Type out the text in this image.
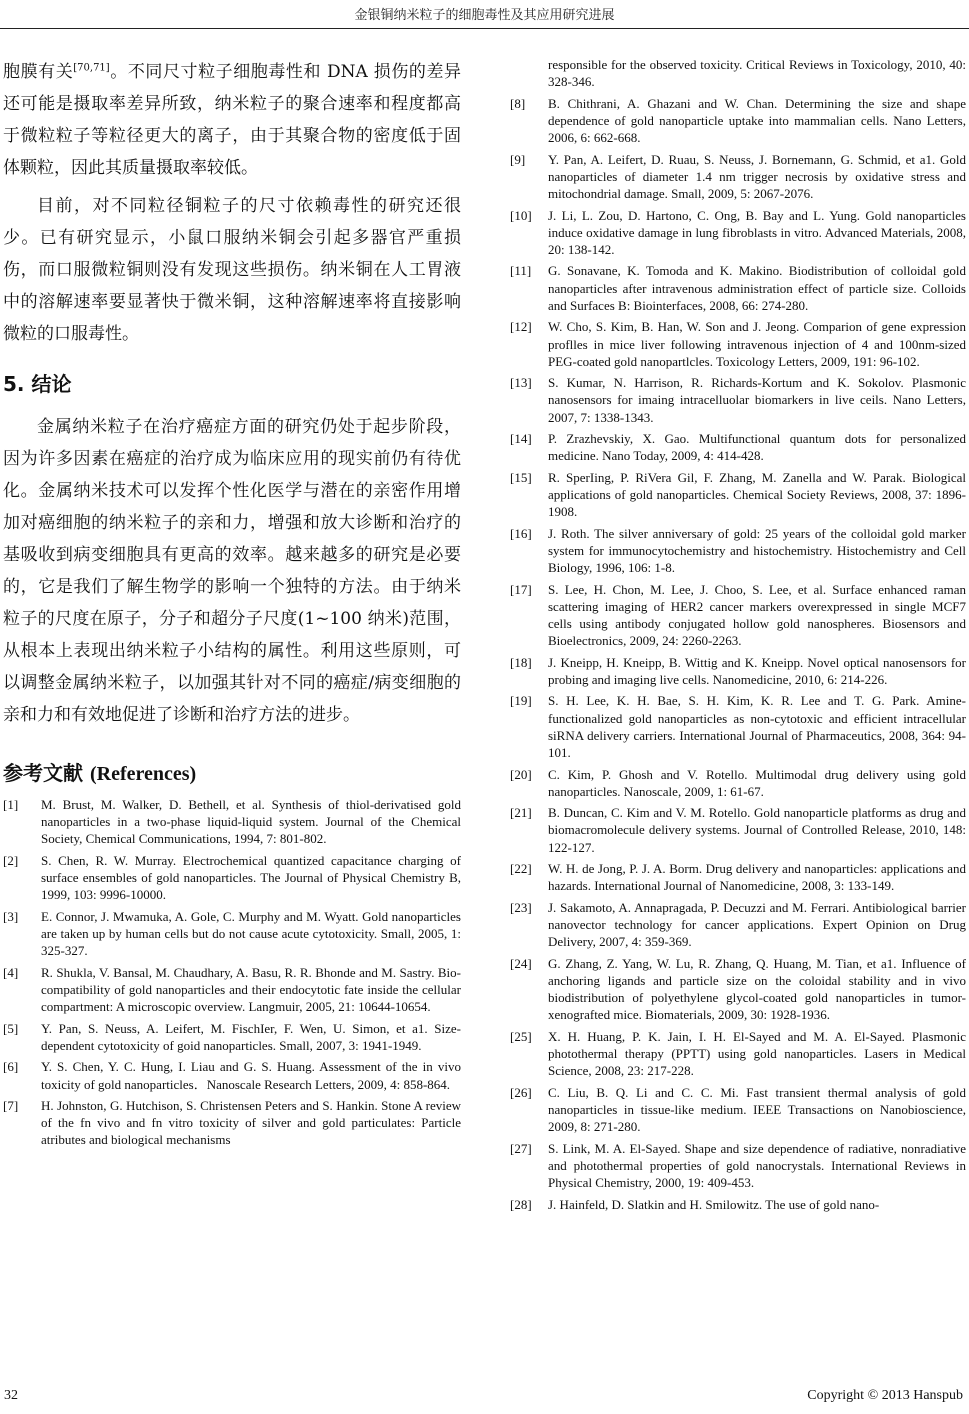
金银铜纳米粒子的细胞毒性及其应用研究进展

胞膜有关[70,71]。不同尺寸粒子细胞毒性和 DNA 损伤的差异还可能是摄取率差异所致，纳米粒子的聚合速率和程度都高于微粒粒子等粒径更大的离子，由于其聚合物的密度低于固体颗粒，因此其质量摄取率较低。

目前，对不同粒径铜粒子的尺寸依赖毒性的研究还很少。已有研究显示，小鼠口服纳米铜会引起多器官严重损伤，而口服微粒铜则没有发现这些损伤。纳米铜在人工胃液中的溶解速率要显著快于微米铜，这种溶解速率将直接影响微粒的口服毒性。

5. 结论

金属纳米粒子在治疗癌症方面的研究仍处于起步阶段，因为许多因素在癌症的治疗成为临床应用的现实前仍有待优化。金属纳米技术可以发挥个性化医学与潜在的亲密作用增加对癌细胞的纳米粒子的亲和力，增强和放大诊断和治疗的基吸收到病变细胞具有更高的效率。越来越多的研究是必要的，它是我们了解生物学的影响一个独特的方法。由于纳米粒子的尺度在原子，分子和超分子尺度(1~100 纳米)范围，从根本上表现出纳米粒子小结构的属性。利用这些原则，可以调整金属纳米粒子，以加强其针对不同的癌症/病变细胞的亲和力和有效地促进了诊断和治疗方法的进步。

参考文献 (References)
[1]	M. Brust, M. Walker, D. Bethell, et al. Synthesis of thiol-derivatised gold nanoparticles in a two-phase liquid-liquid system. Journal of the Chemical Society, Chemical Communications, 1994, 7: 801-802.
[2]	S. Chen, R. W. Murray. Electrochemical quantized capacitance charging of surface ensembles of gold nanoparticles. The Journal of Physical Chemistry B, 1999, 103: 9996-10000.
[3]	E. Connor, J. Mwamuka, A. Gole, C. Murphy and M. Wyatt. Gold nanoparticles are taken up by human cells but do not cause acute cytotoxicity. Small, 2005, 1: 325-327.
[4]	R. Shukla, V. Bansal, M. Chaudhary, A. Basu, R. R. Bhonde and M. Sastry. Bio-compatibility of gold nanoparticles and their endocytotic fate inside the cellular compartment: A microscopic overview. Langmuir, 2005, 21: 10644-10654.
[5]	Y. Pan, S. Neuss, A. Leifert, M. FischIer, F. Wen, U. Simon, et a1. Size-dependent cytotoxicity of goid nanoparticles. Small, 2007, 3: 1941-1949.
[6]	Y. S. Chen, Y. C. Hung, I. Liau and G. S. Huang. Assessment of the in vivo toxicity of gold nanoparticles．Nanoscale Research Letters, 2009, 4: 858-864.
[7]	H. Johnston, G. Hutchison, S. Christensen Peters and S. Hankin. Stone A review of the fn vivo and fn vitro toxicity of silver and gold particulates: Particle atributes and biological mechanisms
responsible for the observed toxicity. Critical Reviews in Toxicology, 2010, 40: 328-346.
[8]	B. Chithrani, A. Ghazani and W. Chan. Determining the size and shape dependence of gold nanoparticle uptake into mammalian cells. Nano Letters, 2006, 6: 662-668.
[9]	Y. Pan, A. Leifert, D. Ruau, S. Neuss, J. Bornemann, G. Schmid, et a1. Gold nanoparticles of diameter 1.4 nm trigger necrosis by oxidative stress and mitochondrial damage. Small, 2009, 5: 2067-2076.
[10]	J. Li, L. Zou, D. Hartono, C. Ong, B. Bay and L. Yung. Gold nanoparticles induce oxidative damage in lung fibroblasts in vitro. Advanced Materials, 2008, 20: 138-142.
[11]	G. Sonavane, K. Tomoda and K. Makino. Biodistribution of colloidal gold nanoparticles after intravenous administration effect of particle size. Colloids and Surfaces B: Biointerfaces, 2008, 66: 274-280.
[12]	W. Cho, S. Kim, B. Han, W. Son and J. Jeong. Comparion of gene expression proflles in mice liver following intravenous injection of 4 and 100nm-sized PEG-coated gold nanopartlcles. Toxicology Letters, 2009, 191: 96-102.
[13]	S. Kumar, N. Harrison, R. Richards-Kortum and K. Sokolov. Plasmonic nanosensors for imaing intracelluolar biomarkers in live ceils. Nano Letters, 2007, 7: 1338-1343.
[14]	P. Zrazhevskiy, X. Gao. Multifunctional quantum dots for personalized medicine. Nano Today, 2009, 4: 414-428.
[15]	R. SperIing, P. RiVera Gil, F. Zhang, M. Zanella and W. Parak. Biological applications of gold nanoparticles. Chemical Society Reviews, 2008, 37: 1896-1908.
[16]	J. Roth. The silver anniversary of gold: 25 years of the colloidal gold marker system for immunocytochemistry and histochemistry. Histochemistry and Cell Biology, 1996, 106: 1-8.
[17]	S. Lee, H. Chon, M. Lee, J. Choo, S. Lee, et al. Surface enhanced raman scattering imaging of HER2 cancer markers overexpressed in single MCF7 cells using antibody conjugated hollow gold nanospheres. Biosensors and Bioelectronics, 2009, 24: 2260-2263.
[18]	J. Kneipp, H. Kneipp, B. Wittig and K. Kneipp. Novel optical nanosensors for probing and imaging live cells. Nanomedicine, 2010, 6: 214-226.
[19]	S. H. Lee, K. H. Bae, S. H. Kim, K. R. Lee and T. G. Park. Amine-functionalized gold nanoparticles as non-cytotoxic and efficient intracellular siRNA delivery carriers. International Journal of Pharmaceutics, 2008, 364: 94-101.
[20]	C. Kim, P. Ghosh and V. Rotello. Multimodal drug delivery using gold nanoparticles. Nanoscale, 2009, 1: 61-67.
[21]	B. Duncan, C. Kim and V. M. Rotello. Gold nanoparticle platforms as drug and biomacromolecule delivery systems. Journal of Controlled Release, 2010, 148: 122-127.
[22]	W. H. de Jong, P. J. A. Borm. Drug delivery and nanoparticles: applications and hazards. International Journal of Nanomedicine, 2008, 3: 133-149.
[23]	J. Sakamoto, A. Annapragada, P. Decuzzi and M. Ferrari. Antibiological barrier nanovector technology for cancer applications. Expert Opinion on Drug Delivery, 2007, 4: 359-369.
[24]	G. Zhang, Z. Yang, W. Lu, R. Zhang, Q. Huang, M. Tian, et a1. Influence of anchoring ligands and particle size on the coloidal stability and in vivo biodistribution of polyethylene glycol-coated gold nanoparticles in tumor-xenografted mice. Biomaterials, 2009, 30: 1928-1936.
[25]	X. H. Huang, P. K. Jain, I. H. El-Sayed and M. A. El-Sayed. Plasmonic photothermal therapy (PPTT) using gold nanoparticles. Lasers in Medical Science, 2008, 23: 217-228.
[26]	C. Liu, B. Q. Li and C. C. Mi. Fast transient thermal analysis of gold nanoparticles in tissue-like medium. IEEE Transactions on Nanobioscience, 2009, 8: 271-280.
[27]	S. Link, M. A. El-Sayed. Shape and size dependence of radiative, nonradiative and photothermal properties of gold nanocrystals. International Reviews in Physical Chemistry, 2000, 19: 409-453.
[28]	J. Hainfeld, D. Slatkin and H. Smilowitz. The use of gold nano-
32	Copyright © 2013 Hanspub
